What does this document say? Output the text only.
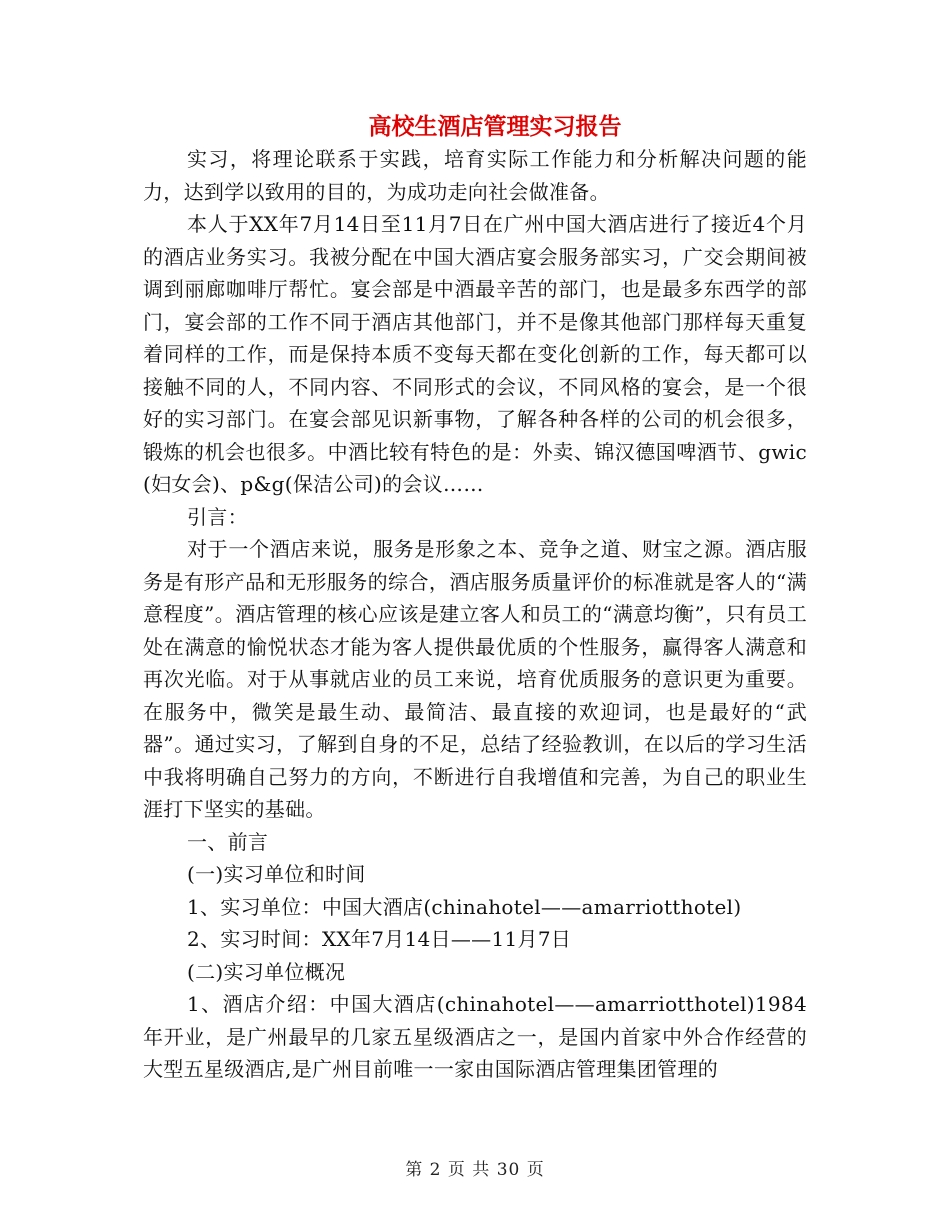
高校生酒店管理实习报告

实习，将理论联系于实践，培育实际工作能力和分析解决问题的能力，达到学以致用的目的，为成功走向社会做准备。

本人于XX年7月14日至11月7日在广州中国大酒店进行了接近4个月的酒店业务实习。我被分配在中国大酒店宴会服务部实习，广交会期间被调到丽廊咖啡厅帮忙。宴会部是中酒最辛苦的部门，也是最多东西学的部门，宴会部的工作不同于酒店其他部门，并不是像其他部门那样每天重复着同样的工作，而是保持本质不变每天都在变化创新的工作，每天都可以接触不同的人，不同内容、不同形式的会议，不同风格的宴会，是一个很好的实习部门。在宴会部见识新事物，了解各种各样的公司的机会很多，锻炼的机会也很多。中酒比较有特色的是：外卖、锦汉德国啤酒节、gwic(妇女会)、p&g(保洁公司)的会议……

引言：

对于一个酒店来说，服务是形象之本、竞争之道、财宝之源。酒店服务是有形产品和无形服务的综合，酒店服务质量评价的标准就是客人的“满意程度”。酒店管理的核心应该是建立客人和员工的“满意均衡”，只有员工处在满意的愉悦状态才能为客人提供最优质的个性服务，赢得客人满意和再次光临。对于从事就店业的员工来说，培育优质服务的意识更为重要。在服务中，微笑是最生动、最简洁、最直接的欢迎词，也是最好的“武器”。通过实习，了解到自身的不足，总结了经验教训，在以后的学习生活中我将明确自己努力的方向，不断进行自我增值和完善，为自己的职业生涯打下坚实的基础。

一、前言

(一)实习单位和时间

1、实习单位：中国大酒店(chinahotel——amarriotthotel)

2、实习时间：XX年7月14日——11月7日

(二)实习单位概况

1、酒店介绍：中国大酒店(chinahotel——amarriotthotel)1984年开业，是广州最早的几家五星级酒店之一，是国内首家中外合作经营的大型五星级酒店,是广州目前唯一一家由国际酒店管理集团管理的

第 2 页 共 30 页
